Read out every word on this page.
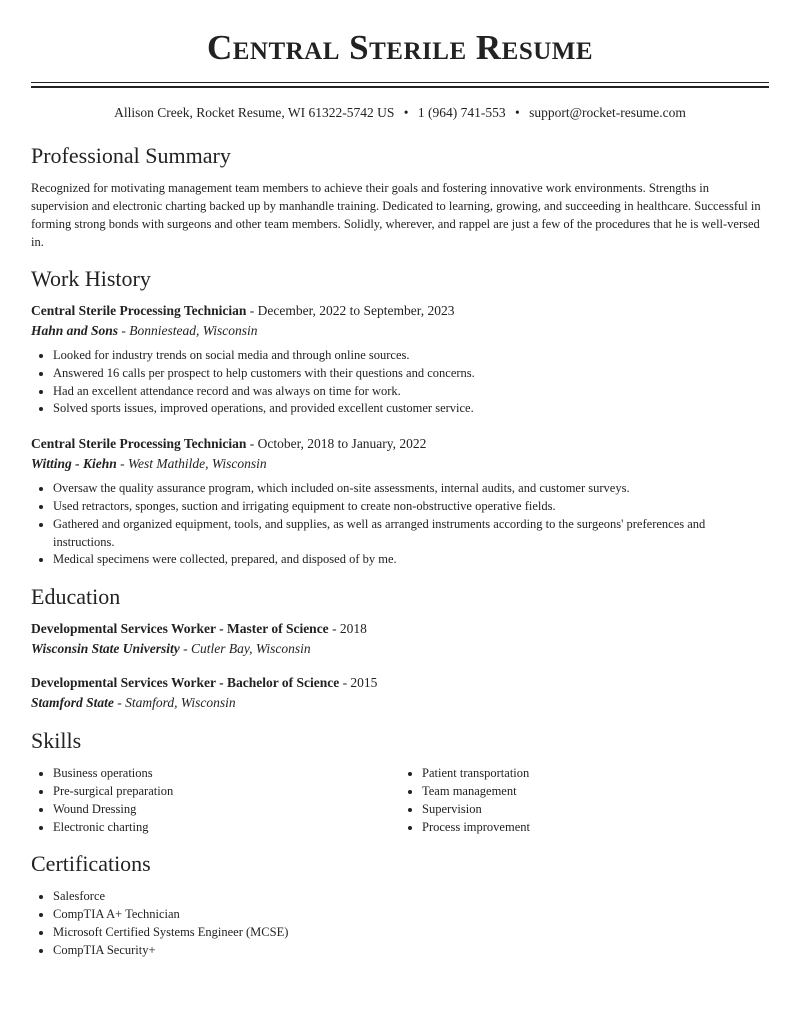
Central Sterile Resume
Allison Creek, Rocket Resume, WI 61322-5742 US • 1 (964) 741-553 • support@rocket-resume.com
Professional Summary

Recognized for motivating management team members to achieve their goals and fostering innovative work environments. Strengths in supervision and electronic charting backed up by manhandle training. Dedicated to learning, growing, and succeeding in healthcare. Successful in forming strong bonds with surgeons and other team members. Solidly, wherever, and rappel are just a few of the procedures that he is well-versed in.

Work History
Central Sterile Processing Technician - December, 2022 to September, 2023
Hahn and Sons - Bonniestead, Wisconsin
• Looked for industry trends on social media and through online sources.
• Answered 16 calls per prospect to help customers with their questions and concerns.
• Had an excellent attendance record and was always on time for work.
• Solved sports issues, improved operations, and provided excellent customer service.
Central Sterile Processing Technician - October, 2018 to January, 2022
Witting - Kiehn - West Mathilde, Wisconsin
• Oversaw the quality assurance program, which included on-site assessments, internal audits, and customer surveys.
• Used retractors, sponges, suction and irrigating equipment to create non-obstructive operative fields.
• Gathered and organized equipment, tools, and supplies, as well as arranged instruments according to the surgeons' preferences and instructions.
• Medical specimens were collected, prepared, and disposed of by me.
Education
Developmental Services Worker - Master of Science - 2018
Wisconsin State University - Cutler Bay, Wisconsin
Developmental Services Worker - Bachelor of Science - 2015
Stamford State - Stamford, Wisconsin
Skills
• Business operations
• Pre-surgical preparation
• Wound Dressing
• Electronic charting
• Patient transportation
• Team management
• Supervision
• Process improvement
Certifications
• Salesforce
• CompTIA A+ Technician
• Microsoft Certified Systems Engineer (MCSE)
• CompTIA Security+
